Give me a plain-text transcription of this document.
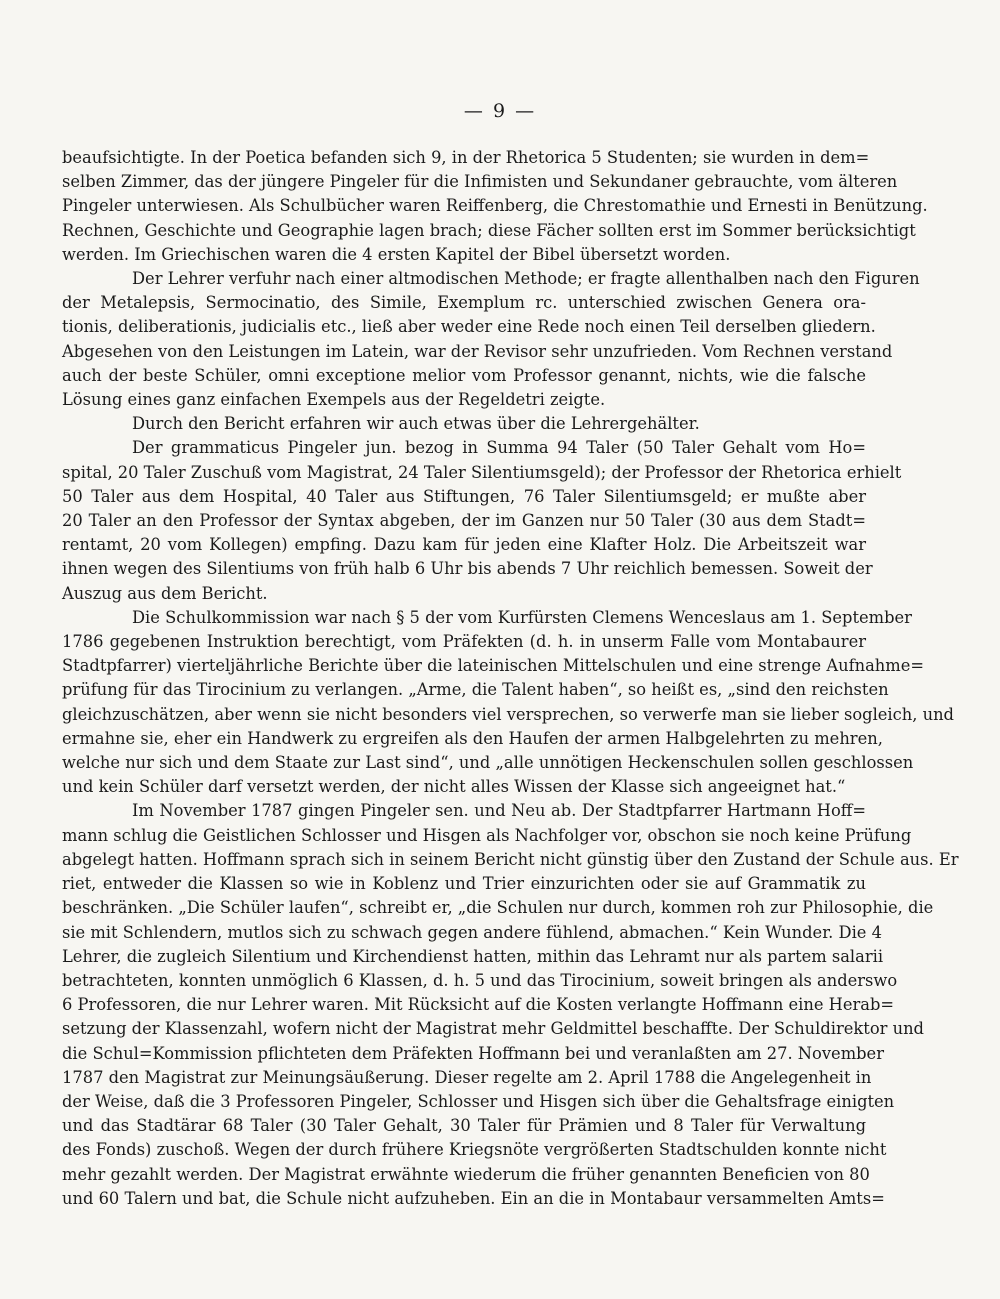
— 9 —

beaufsichtigte. In der Poetica befanden sich 9, in der Rhetorica 5 Studenten; sie wurden in dem=
selben Zimmer, das der jüngere Pingeler für die Infimisten und Sekundaner gebrauchte, vom älteren
Pingeler unterwiesen. Als Schulbücher waren Reiffenberg, die Chrestomathie und Ernesti in Benützung.
Rechnen, Geschichte und Geographie lagen brach; diese Fächer sollten erst im Sommer berücksichtigt
werden. Im Griechischen waren die 4 ersten Kapitel der Bibel übersetzt worden.

Der Lehrer verfuhr nach einer altmodischen Methode; er fragte allenthalben nach den Figuren
der Metalepsis, Sermocinatio, des Simile, Exemplum rc. unterschied zwischen Genera ora-
tionis, deliberationis, judicialis etc., ließ aber weder eine Rede noch einen Teil derselben gliedern.
Abgesehen von den Leistungen im Latein, war der Revisor sehr unzufrieden. Vom Rechnen verstand
auch der beste Schüler, omni exceptione melior vom Professor genannt, nichts, wie die falsche
Lösung eines ganz einfachen Exempels aus der Regeldetri zeigte.

Durch den Bericht erfahren wir auch etwas über die Lehrergehälter.

Der grammaticus Pingeler jun. bezog in Summa 94 Taler (50 Taler Gehalt vom Ho=
spital, 20 Taler Zuschuß vom Magistrat, 24 Taler Silentiumsgeld); der Professor der Rhetorica erhielt
50 Taler aus dem Hospital, 40 Taler aus Stiftungen, 76 Taler Silentiumsgeld; er mußte aber
20 Taler an den Professor der Syntax abgeben, der im Ganzen nur 50 Taler (30 aus dem Stadt=
rentamt, 20 vom Kollegen) empfing. Dazu kam für jeden eine Klafter Holz. Die Arbeitszeit war
ihnen wegen des Silentiums von früh halb 6 Uhr bis abends 7 Uhr reichlich bemessen. Soweit der
Auszug aus dem Bericht.

Die Schulkommission war nach § 5 der vom Kurfürsten Clemens Wenceslaus am 1. September
1786 gegebenen Instruktion berechtigt, vom Präfekten (d. h. in unserm Falle vom Montabaurer
Stadtpfarrer) vierteljährliche Berichte über die lateinischen Mittelschulen und eine strenge Aufnahme=
prüfung für das Tirocinium zu verlangen. „Arme, die Talent haben“, so heißt es, „sind den reichsten
gleichzuschätzen, aber wenn sie nicht besonders viel versprechen, so verwerfe man sie lieber sogleich, und
ermahne sie, eher ein Handwerk zu ergreifen als den Haufen der armen Halbgelehrten zu mehren,
welche nur sich und dem Staate zur Last sind“, und „alle unnötigen Heckenschulen sollen geschlossen
und kein Schüler darf versetzt werden, der nicht alles Wissen der Klasse sich angeeignet hat.“

Im November 1787 gingen Pingeler sen. und Neu ab. Der Stadtpfarrer Hartmann Hoff=
mann schlug die Geistlichen Schlosser und Hisgen als Nachfolger vor, obschon sie noch keine Prüfung
abgelegt hatten. Hoffmann sprach sich in seinem Bericht nicht günstig über den Zustand der Schule aus. Er
riet, entweder die Klassen so wie in Koblenz und Trier einzurichten oder sie auf Grammatik zu
beschränken. „Die Schüler laufen“, schreibt er, „die Schulen nur durch, kommen roh zur Philosophie, die
sie mit Schlendern, mutlos sich zu schwach gegen andere fühlend, abmachen.“ Kein Wunder. Die 4
Lehrer, die zugleich Silentium und Kirchendienst hatten, mithin das Lehramt nur als partem salarii
betrachteten, konnten unmöglich 6 Klassen, d. h. 5 und das Tirocinium, soweit bringen als anderswo
6 Professoren, die nur Lehrer waren. Mit Rücksicht auf die Kosten verlangte Hoffmann eine Herab=
setzung der Klassenzahl, wofern nicht der Magistrat mehr Geldmittel beschaffte. Der Schuldirektor und
die Schul=Kommission pflichteten dem Präfekten Hoffmann bei und veranlaßten am 27. November
1787 den Magistrat zur Meinungsäußerung. Dieser regelte am 2. April 1788 die Angelegenheit in
der Weise, daß die 3 Professoren Pingeler, Schlosser und Hisgen sich über die Gehaltsfrage einigten
und das Stadtärar 68 Taler (30 Taler Gehalt, 30 Taler für Prämien und 8 Taler für Verwaltung
des Fonds) zuschoß. Wegen der durch frühere Kriegsnöte vergrößerten Stadtschulden konnte nicht
mehr gezahlt werden. Der Magistrat erwähnte wiederum die früher genannten Beneficien von 80
und 60 Talern und bat, die Schule nicht aufzuheben. Ein an die in Montabaur versammelten Amts=
